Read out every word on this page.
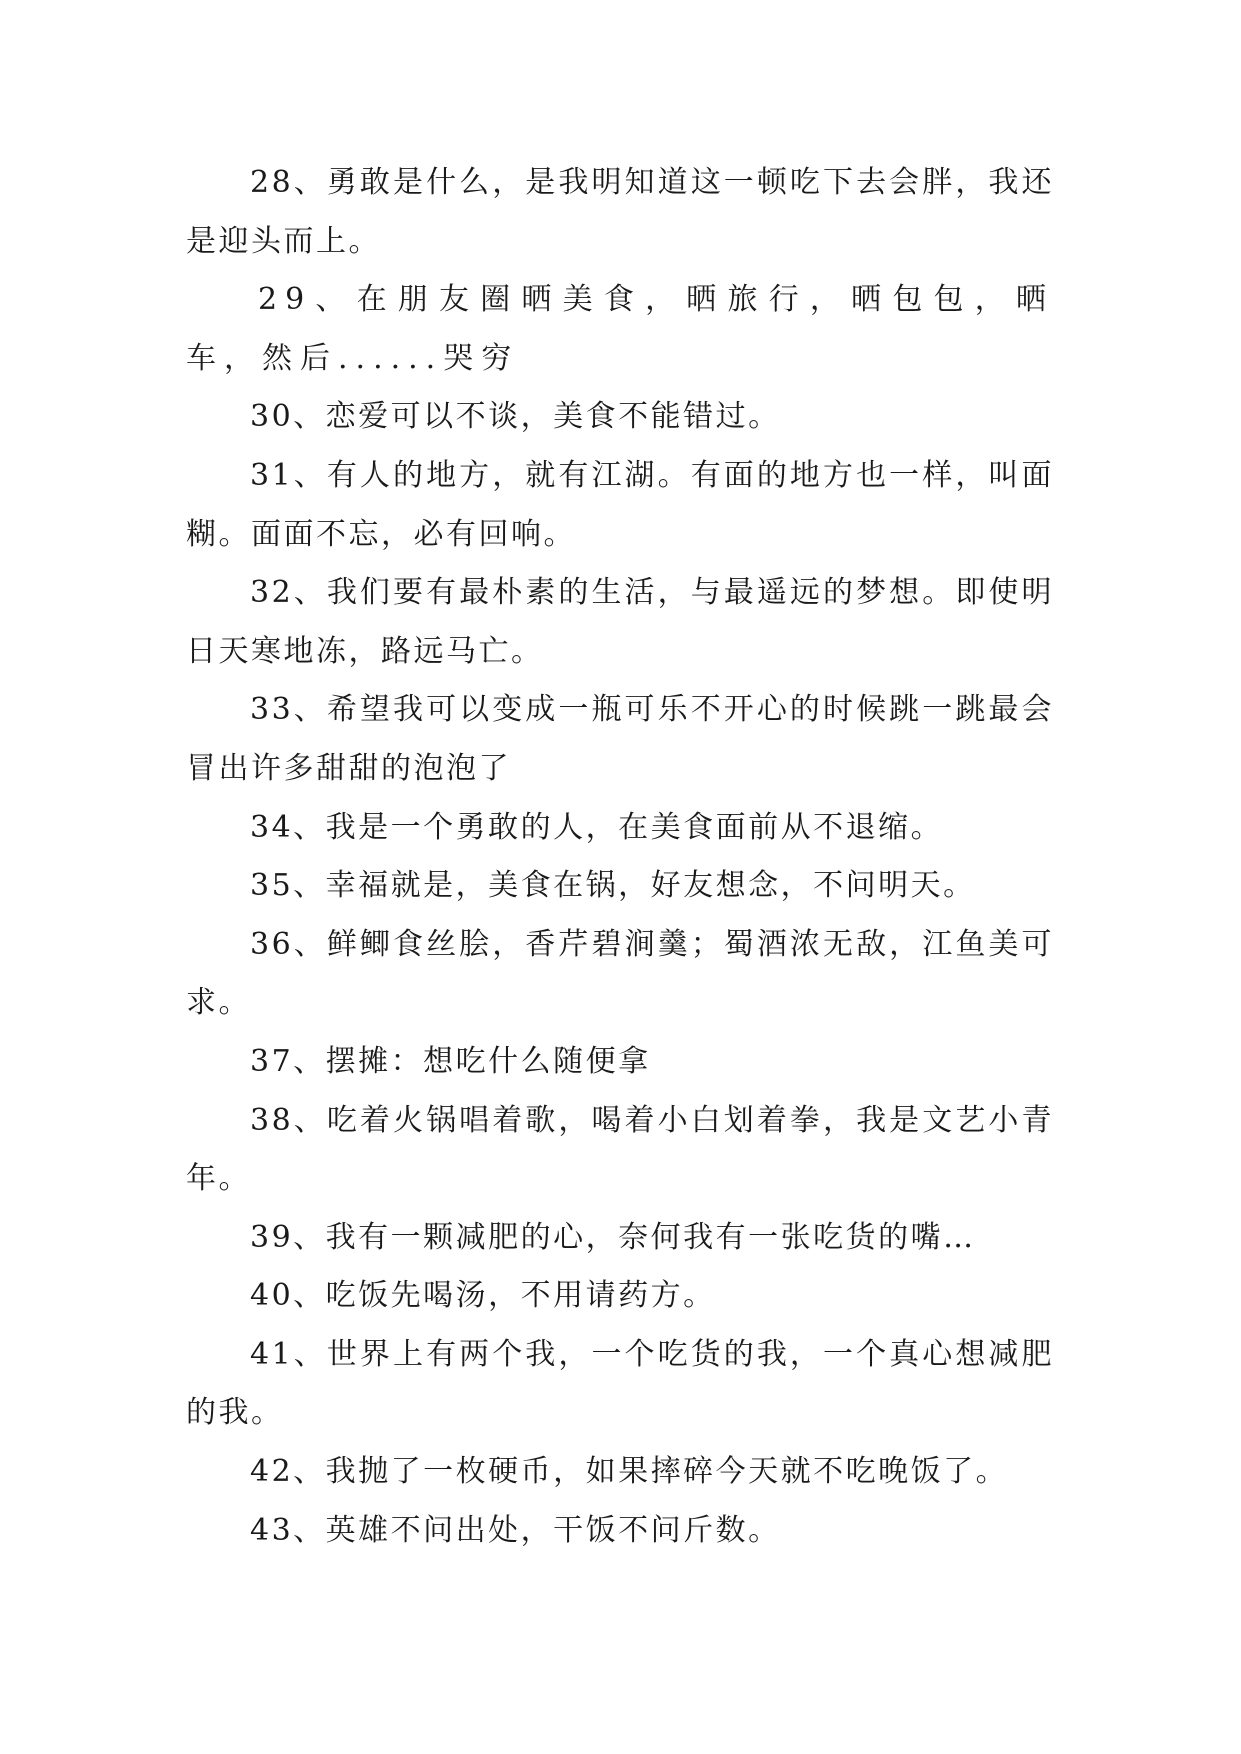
28、勇敢是什么，是我明知道这一顿吃下去会胖，我还是迎头而上。

29、在朋友圈晒美食，晒旅行，晒包包，晒车，然后......哭穷

30、恋爱可以不谈，美食不能错过。

31、有人的地方，就有江湖。有面的地方也一样，叫面糊。面面不忘，必有回响。

32、我们要有最朴素的生活，与最遥远的梦想。即使明日天寒地冻，路远马亡。

33、希望我可以变成一瓶可乐不开心的时候跳一跳最会冒出许多甜甜的泡泡了

34、我是一个勇敢的人，在美食面前从不退缩。

35、幸福就是，美食在锅，好友想念，不问明天。

36、鲜鲫食丝脍，香芹碧涧羹；蜀酒浓无敌，江鱼美可求。

37、摆摊：想吃什么随便拿

38、吃着火锅唱着歌，喝着小白划着拳，我是文艺小青年。

39、我有一颗减肥的心，奈何我有一张吃货的嘴…

40、吃饭先喝汤，不用请药方。

41、世界上有两个我，一个吃货的我，一个真心想减肥的我。

42、我抛了一枚硬币，如果摔碎今天就不吃晚饭了。

43、英雄不问出处，干饭不问斤数。
